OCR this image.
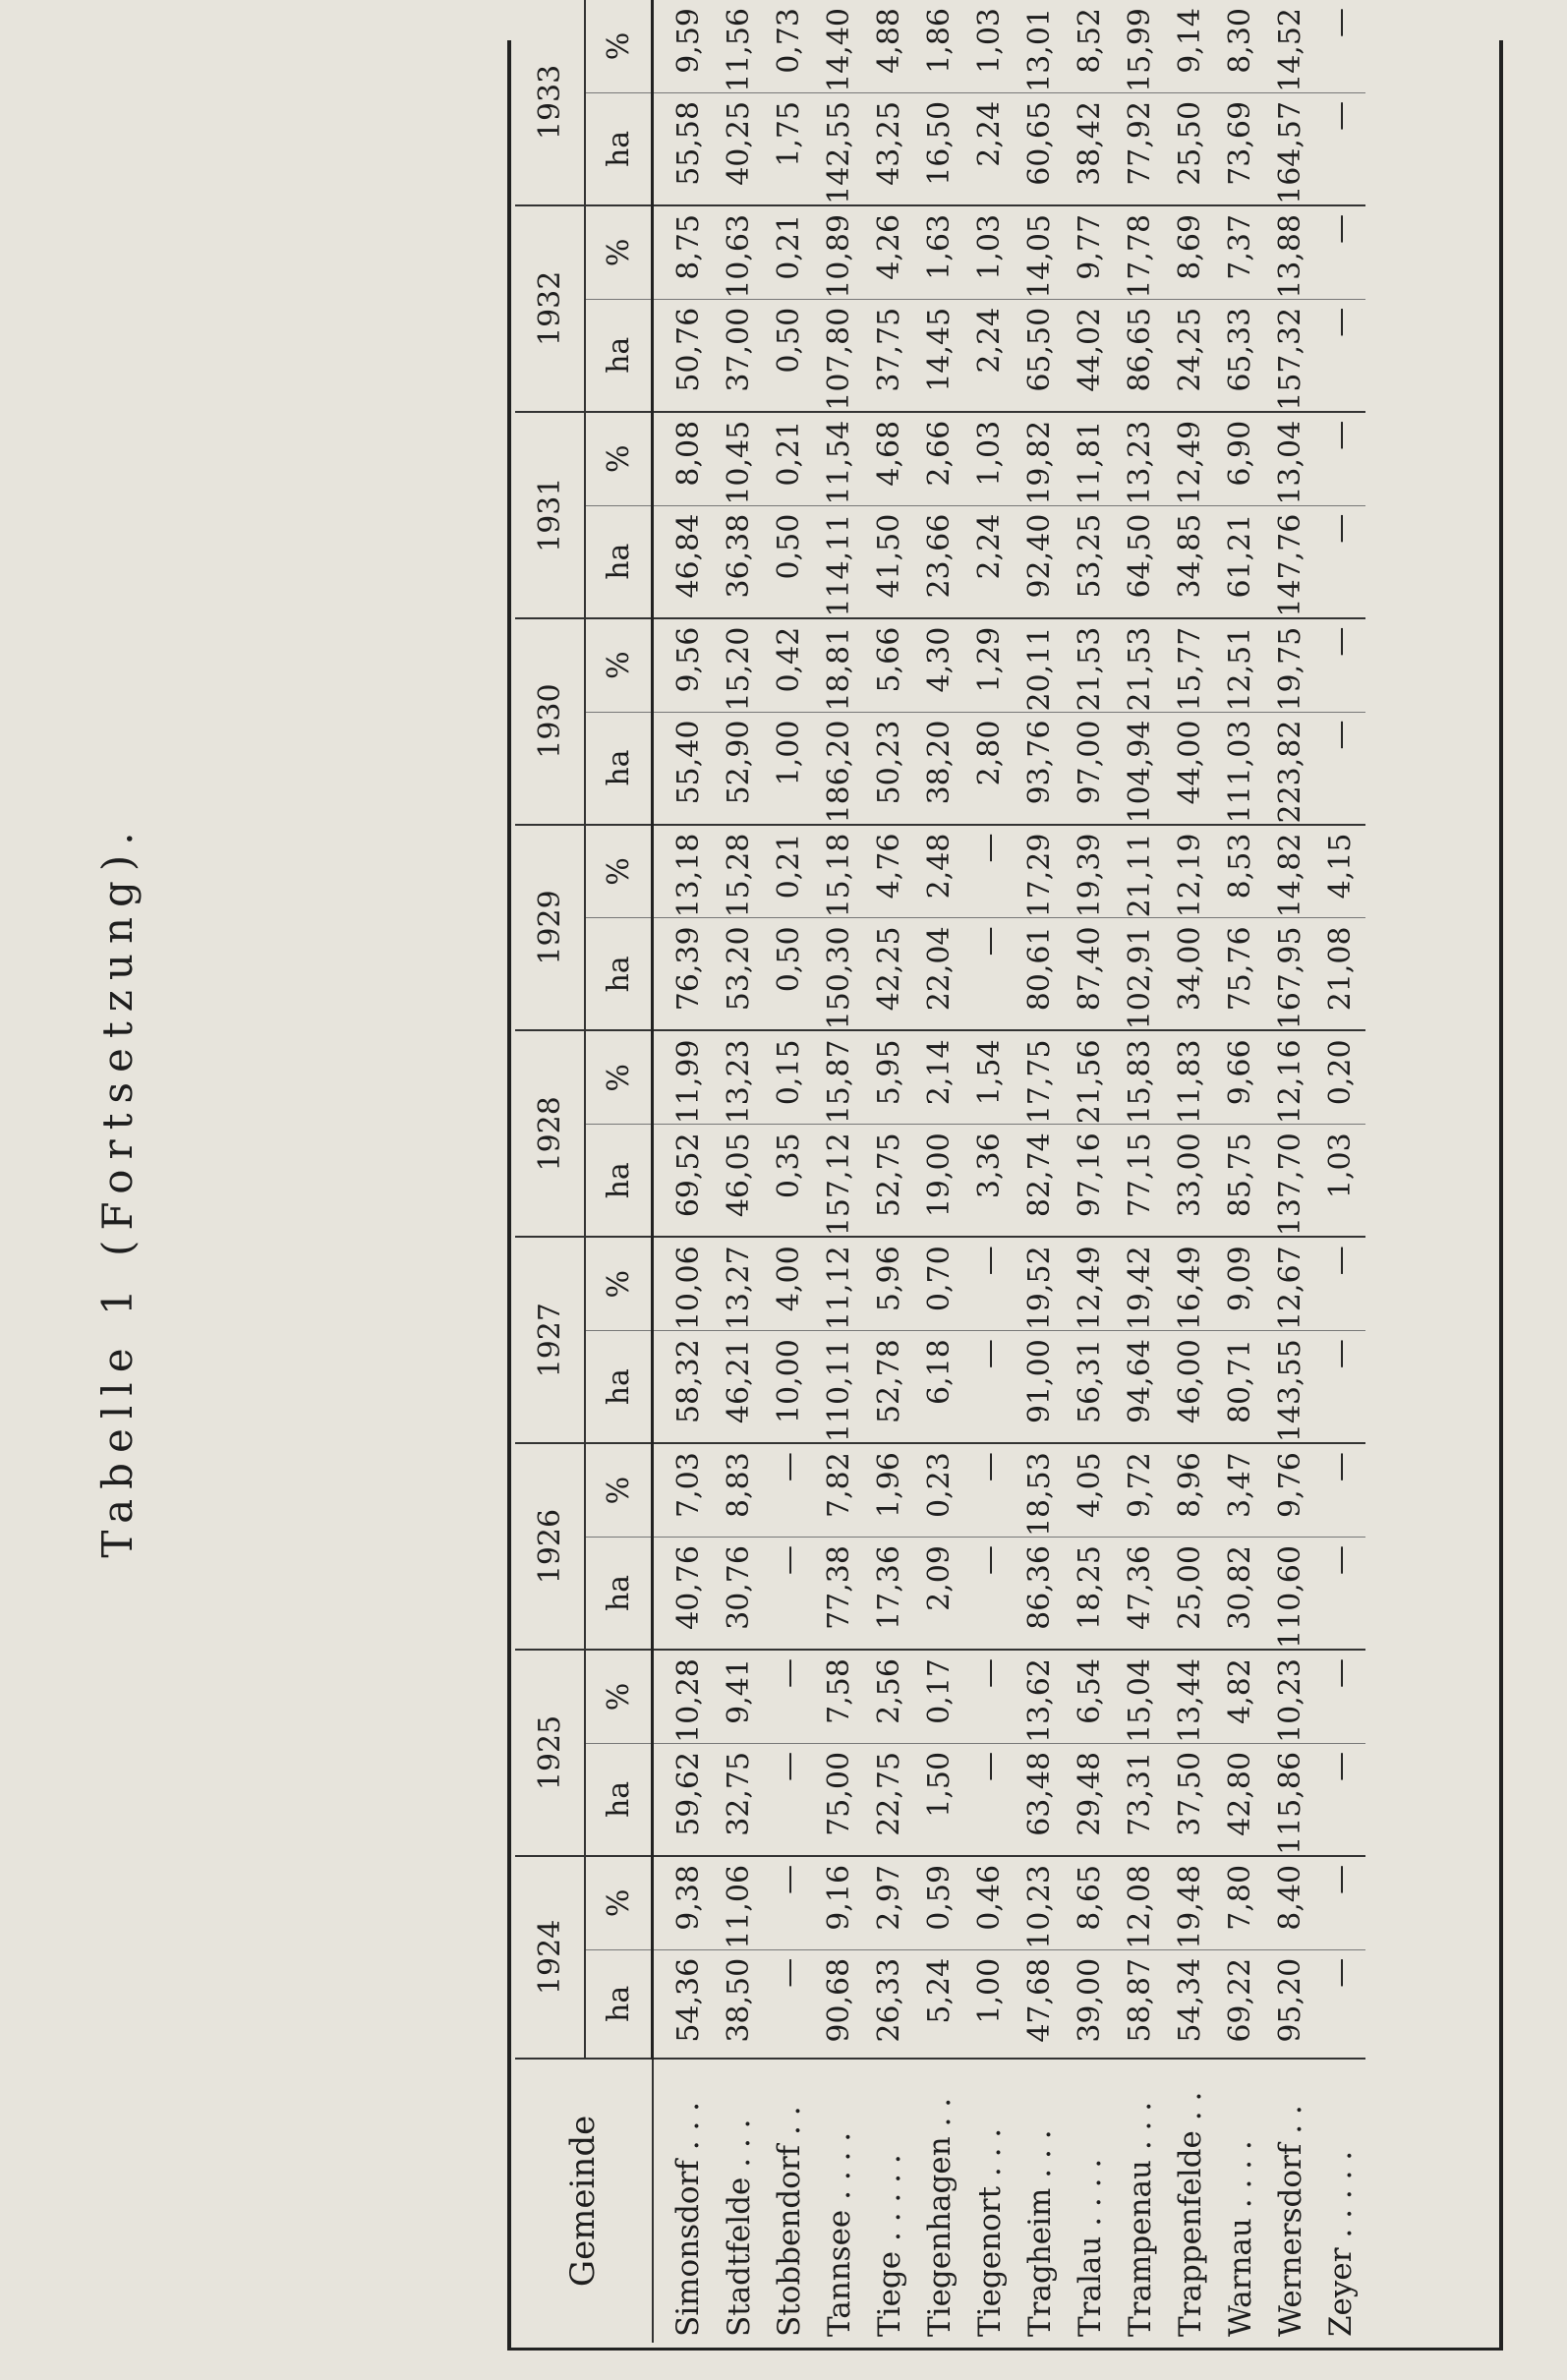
Tabelle 1 (Fortsetzung).
Gemeinde	1924		1925		1926		1927		1928		1929		1930		1931		1932		1933	
	ha	%	ha	%	ha	%	ha	%	ha	%	ha	%	ha	%	ha	%	ha	%	ha	%
Simonsdorf . . .	54,36	9,38	59,62	10,28	40,76	7,03	58,32	10,06	69,52	11,99	76,39	13,18	55,40	9,56	46,84	8,08	50,76	8,75	55,58	9,59
Stadtfelde . . .	38,50	11,06	32,75	9,41	30,76	8,83	46,21	13,27	46,05	13,23	53,20	15,28	52,90	15,20	36,38	10,45	37,00	10,63	40,25	11,56
Stobbendorf . .	—	—	—	—	—	—	10,00	4,00	0,35	0,15	0,50	0,21	1,00	0,42	0,50	0,21	0,50	0,21	1,75	0,73
Tannsee . . . .	90,68	9,16	75,00	7,58	77,38	7,82	110,11	11,12	157,12	15,87	150,30	15,18	186,20	18,81	114,11	11,54	107,80	10,89	142,55	14,40
Tiege . . . . .	26,33	2,97	22,75	2,56	17,36	1,96	52,78	5,96	52,75	5,95	42,25	4,76	50,23	5,66	41,50	4,68	37,75	4,26	43,25	4,88
Tiegenhagen . .	5,24	0,59	1,50	0,17	2,09	0,23	6,18	0,70	19,00	2,14	22,04	2,48	38,20	4,30	23,66	2,66	14,45	1,63	16,50	1,86
Tiegenort . . .	1,00	0,46	—	—	—	—	—	—	3,36	1,54	—	—	2,80	1,29	2,24	1,03	2,24	1,03	2,24	1,03
Tragheim . . .	47,68	10,23	63,48	13,62	86,36	18,53	91,00	19,52	82,74	17,75	80,61	17,29	93,76	20,11	92,40	19,82	65,50	14,05	60,65	13,01
Tralau . . . .	39,00	8,65	29,48	6,54	18,25	4,05	56,31	12,49	97,16	21,56	87,40	19,39	97,00	21,53	53,25	11,81	44,02	9,77	38,42	8,52
Trampenau . . .	58,87	12,08	73,31	15,04	47,36	9,72	94,64	19,42	77,15	15,83	102,91	21,11	104,94	21,53	64,50	13,23	86,65	17,78	77,92	15,99
Trappenfelde . .	54,34	19,48	37,50	13,44	25,00	8,96	46,00	16,49	33,00	11,83	34,00	12,19	44,00	15,77	34,85	12,49	24,25	8,69	25,50	9,14
Warnau . . . .	69,22	7,80	42,80	4,82	30,82	3,47	80,71	9,09	85,75	9,66	75,76	8,53	111,03	12,51	61,21	6,90	65,33	7,37	73,69	8,30
Wernersdorf . .	95,20	8,40	115,86	10,23	110,60	9,76	143,55	12,67	137,70	12,16	167,95	14,82	223,82	19,75	147,76	13,04	157,32	13,88	164,57	14,52
Zeyer . . . . .	—	—	—	—	—	—	—	—	1,03	0,20	21,08	4,15	—	—	—	—	—	—	—	—
